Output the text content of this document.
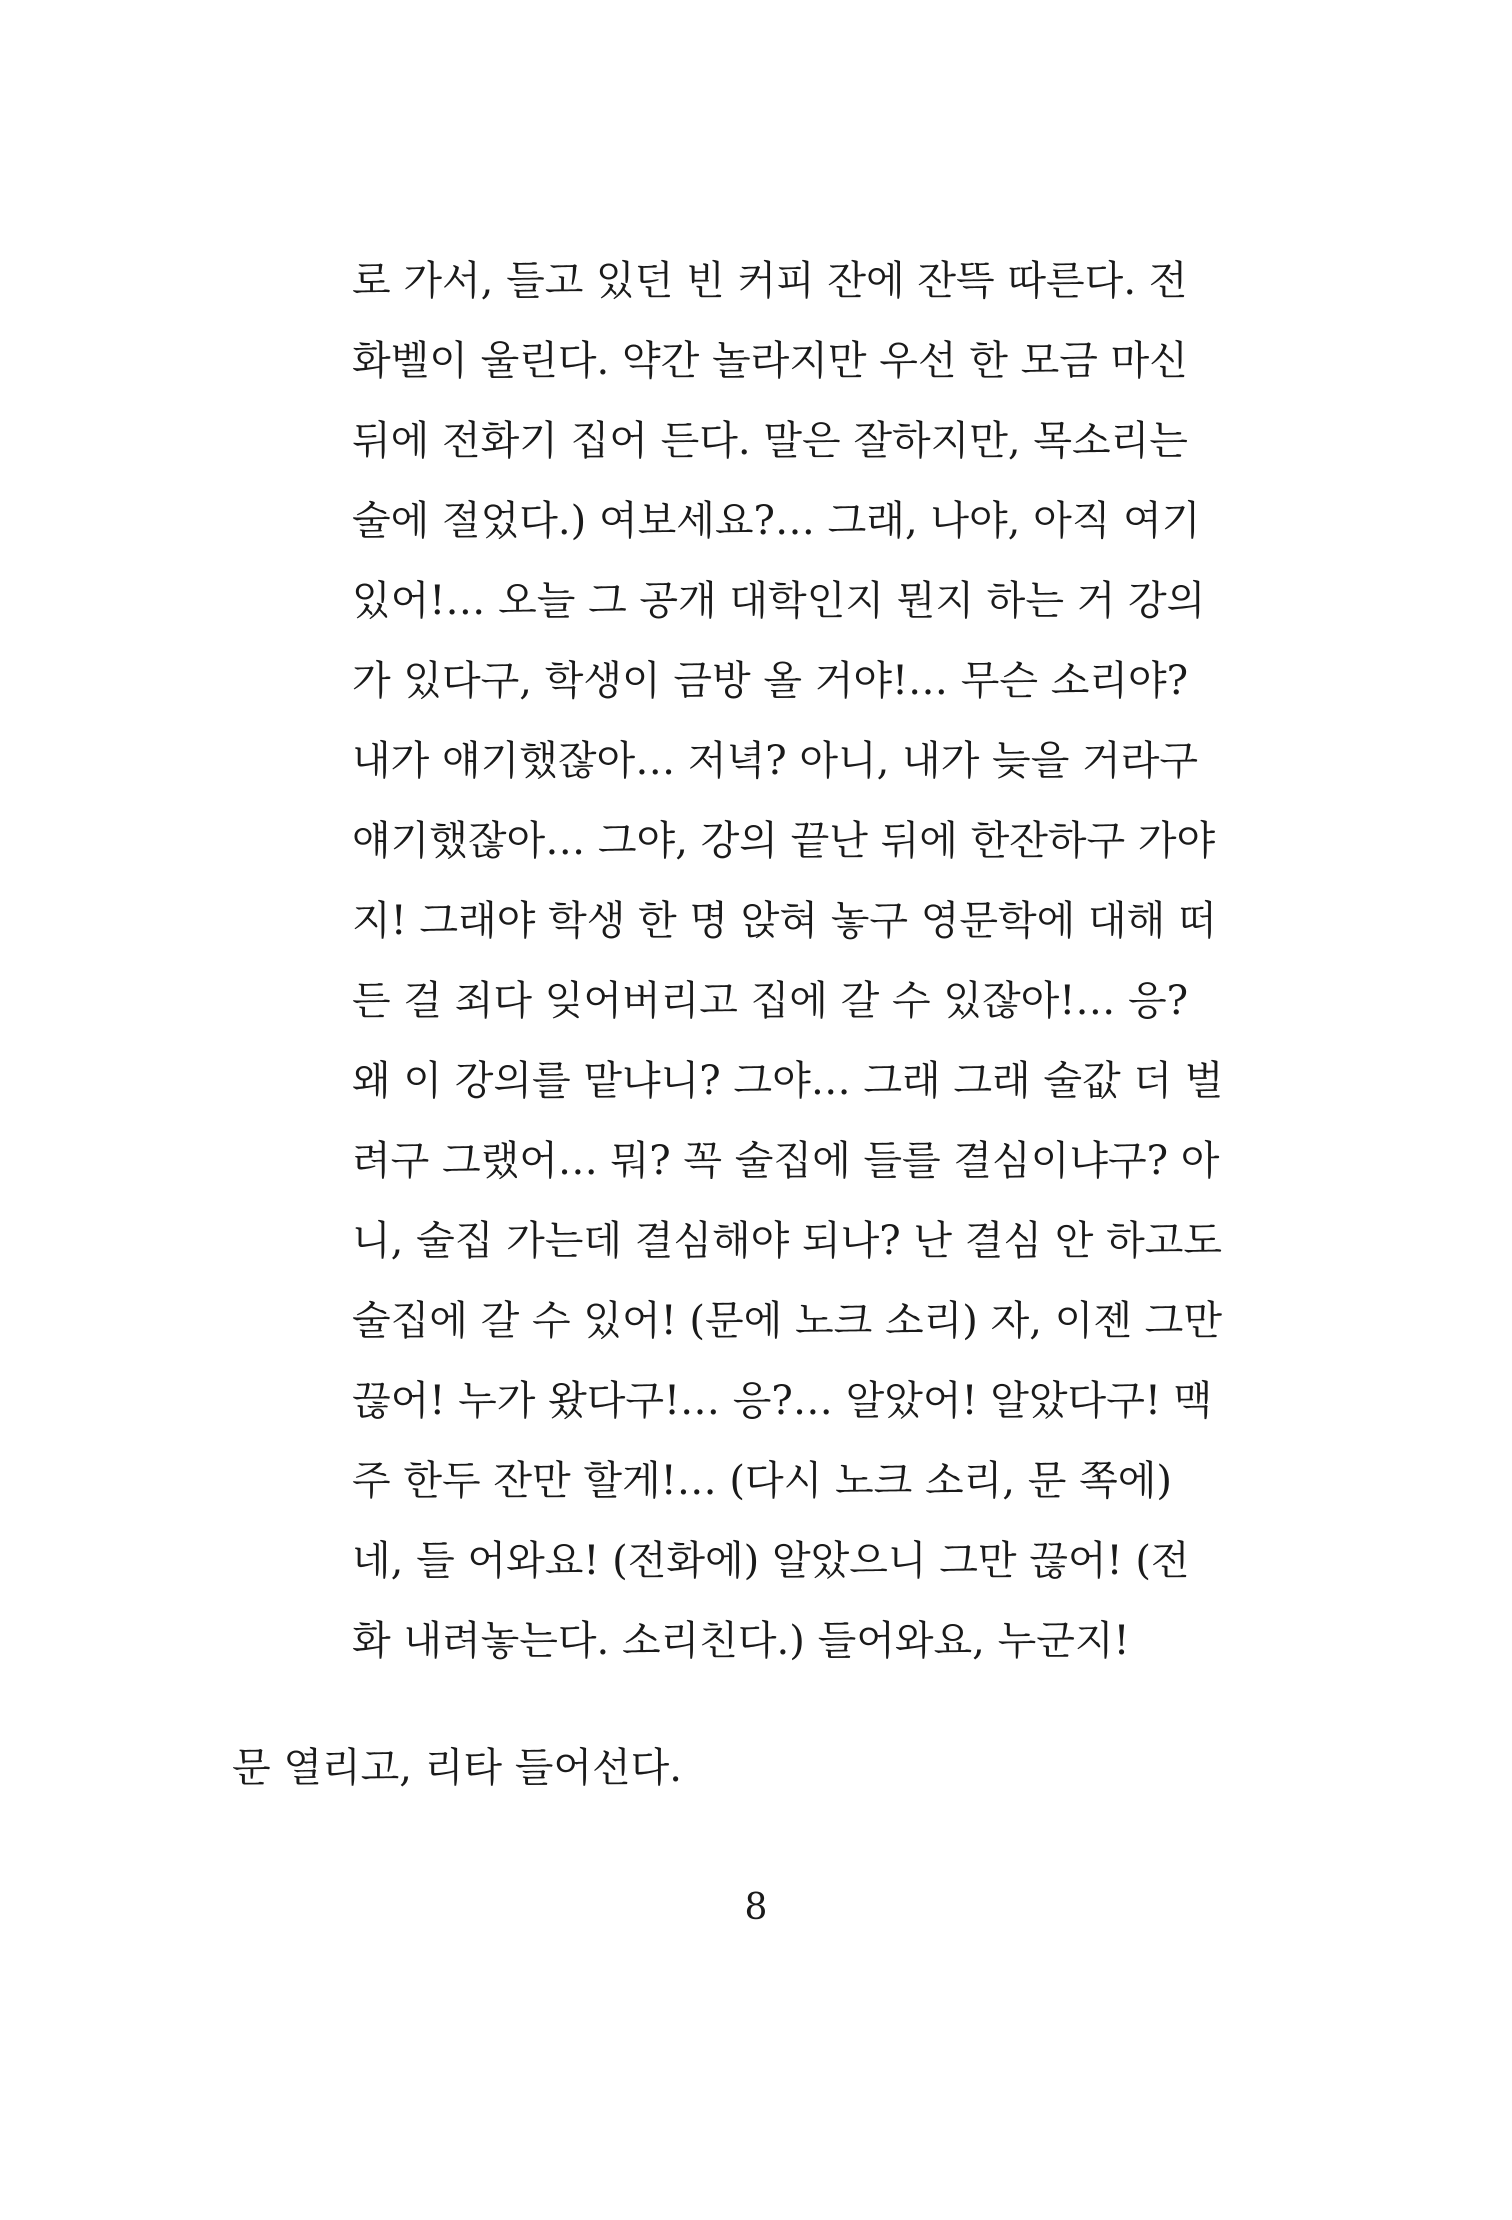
로 가서, 들고 있던 빈 커피 잔에 잔뜩 따른다. 전
화벨이 울린다. 약간 놀라지만 우선 한 모금 마신
뒤에 전화기 집어 든다. 말은 잘하지만, 목소리는
술에 절었다.) 여보세요?… 그래, 나야, 아직 여기
있어!… 오늘 그 공개 대학인지 뭔지 하는 거 강의
가 있다구, 학생이 금방 올 거야!… 무슨 소리야?
내가 얘기했잖아… 저녁? 아니, 내가 늦을 거라구
얘기했잖아… 그야, 강의 끝난 뒤에 한잔하구 가야
지! 그래야 학생 한 명 앉혀 놓구 영문학에 대해 떠
든 걸 죄다 잊어버리고 집에 갈 수 있잖아!… 응?
왜 이 강의를 맡냐니? 그야… 그래 그래 술값 더 벌
려구 그랬어… 뭐? 꼭 술집에 들를 결심이냐구? 아
니, 술집 가는데 결심해야 되나? 난 결심 안 하고도
술집에 갈 수 있어! (문에 노크 소리) 자, 이젠 그만
끊어! 누가 왔다구!… 응?… 알았어! 알았다구! 맥
주 한두 잔만 할게!… (다시 노크 소리, 문 쪽에)
네, 들 어와요! (전화에) 알았으니 그만 끊어! (전
화 내려놓는다. 소리친다.) 들어와요, 누군지!
문 열리고, 리타 들어선다.
8
